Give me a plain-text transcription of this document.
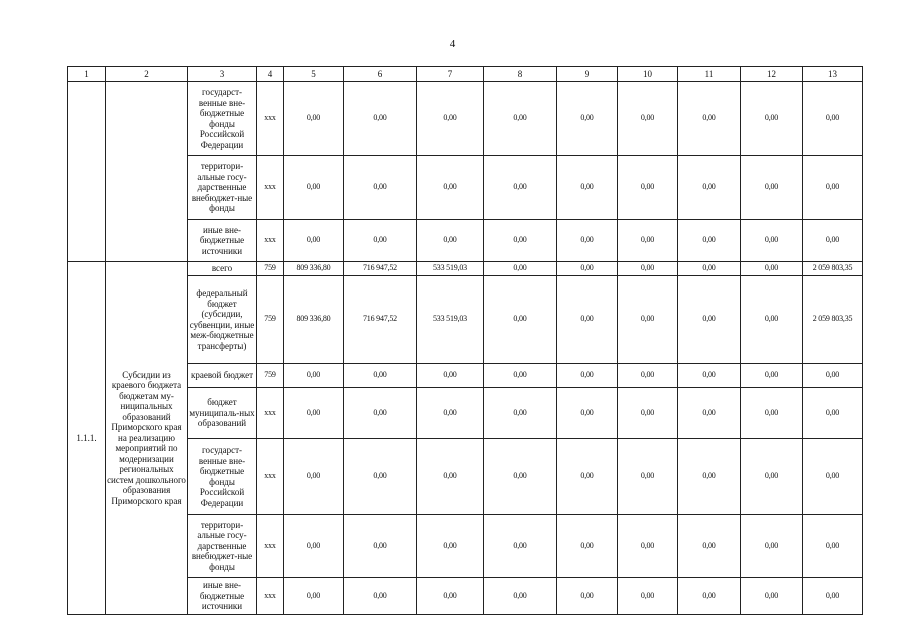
4
1	2	3	4	5	6	7	8	9	10	11	12	13
		государст-венные вне-бюджетные фонды Российской Федерации	xxx	0,00	0,00	0,00	0,00	0,00	0,00	0,00	0,00	0,00
		территори-альные госу-дарственные внебюджет-ные фонды	xxx	0,00	0,00	0,00	0,00	0,00	0,00	0,00	0,00	0,00
		иные вне-бюджетные источники	xxx	0,00	0,00	0,00	0,00	0,00	0,00	0,00	0,00	0,00
1.1.1.	Субсидии из краевого бюджета бюджетам му-ниципальных образований Приморского края на реализацию мероприятий по модернизации региональных систем дошкольного образования Приморского края	всего	759	809 336,80	716 947,52	533 519,03	0,00	0,00	0,00	0,00	0,00	2 059 803,35
		федеральный бюджет (субсидии, субвенции, иные меж-бюджетные трансферты)	759	809 336,80	716 947,52	533 519,03	0,00	0,00	0,00	0,00	0,00	2 059 803,35
		краевой бюджет	759	0,00	0,00	0,00	0,00	0,00	0,00	0,00	0,00	0,00
		бюджет муниципаль-ных образований	xxx	0,00	0,00	0,00	0,00	0,00	0,00	0,00	0,00	0,00
		государст-венные вне-бюджетные фонды Российской Федерации	xxx	0,00	0,00	0,00	0,00	0,00	0,00	0,00	0,00	0,00
		территори-альные госу-дарственные внебюджет-ные фонды	xxx	0,00	0,00	0,00	0,00	0,00	0,00	0,00	0,00	0,00
		иные вне-бюджетные источники	xxx	0,00	0,00	0,00	0,00	0,00	0,00	0,00	0,00	0,00
